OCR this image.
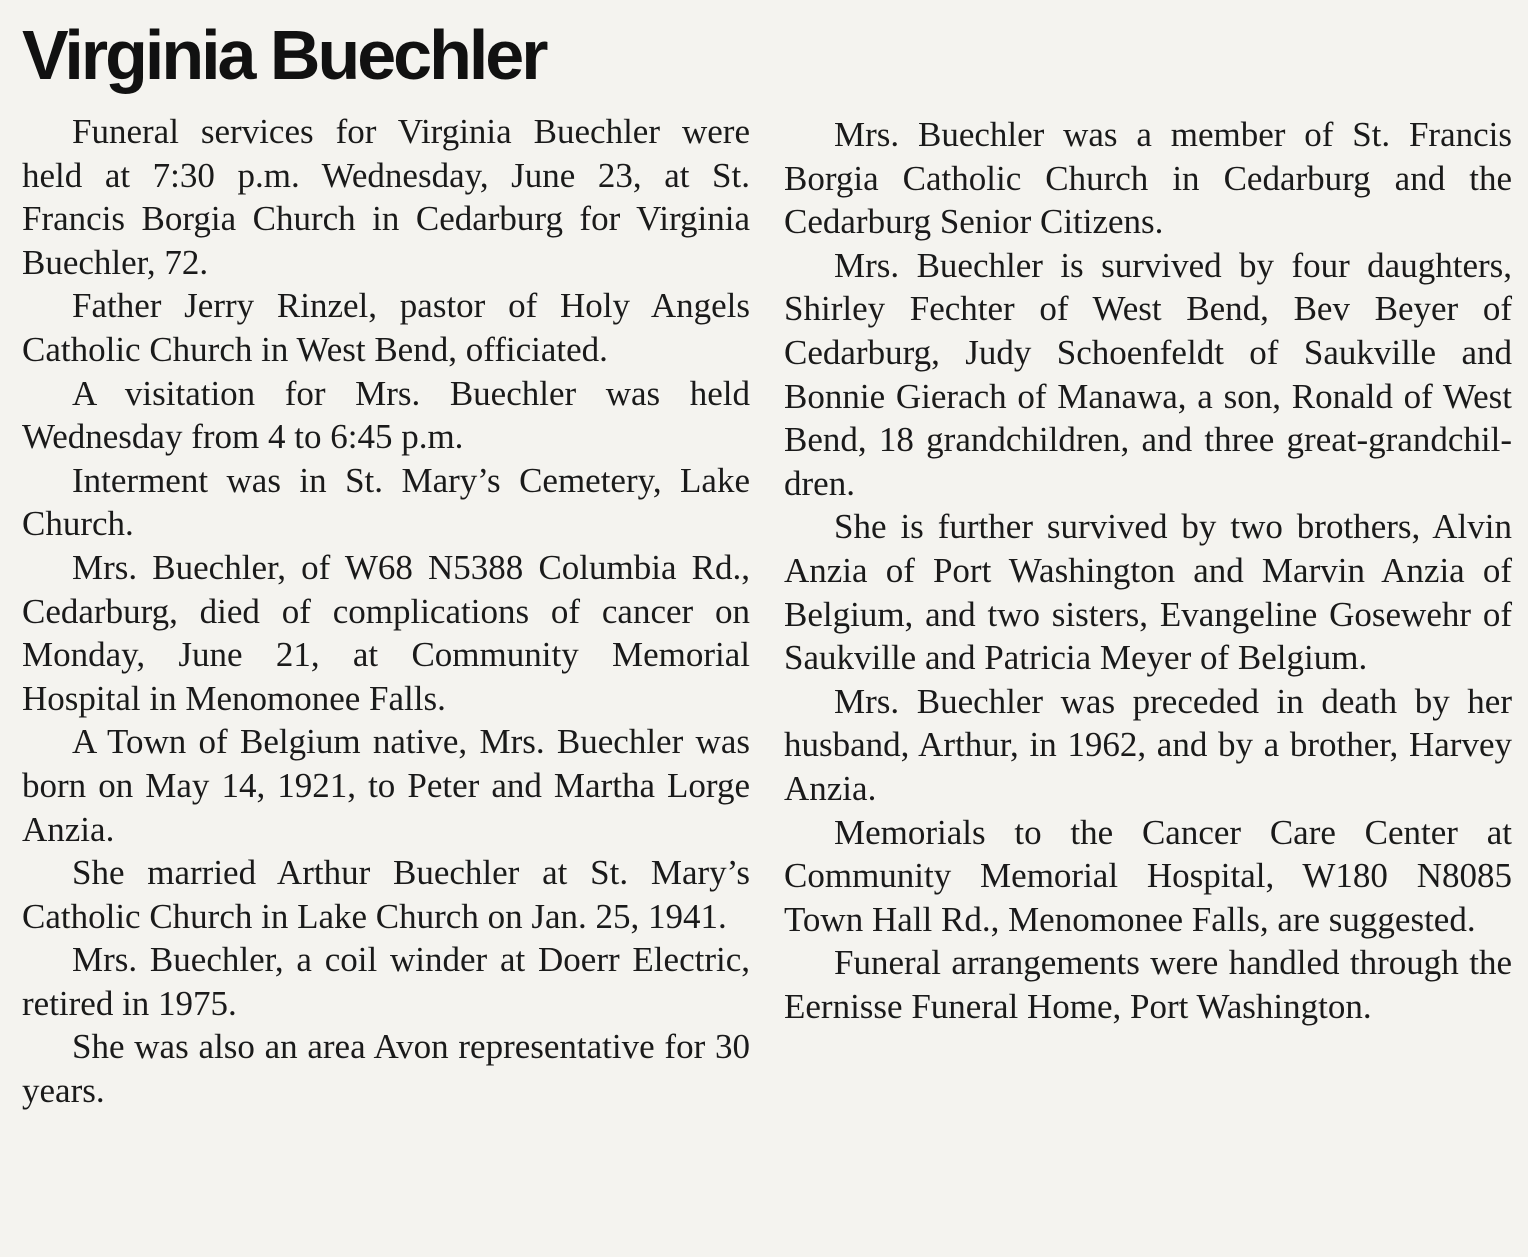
Virginia Buechler

Funeral services for Virginia Buechler were held at 7:30 p.m. Wednesday, June 23, at St. Francis Borgia Church in Cedarburg for Virginia Buechler, 72.

Father Jerry Rinzel, pastor of Holy Angels Catholic Church in West Bend, officiated.

A visitation for Mrs. Buechler was held Wednesday from 4 to 6:45 p.m.

Interment was in St. Mary’s Cemetery, Lake Church.

Mrs. Buechler, of W68 N5388 Columbia Rd., Cedarburg, died of complications of cancer on Monday, June 21, at Community Memorial Hospital in Menomonee Falls.

A Town of Belgium native, Mrs. Buechler was born on May 14, 1921, to Peter and Martha Lorge Anzia.

She married Arthur Buechler at St. Mary’s Catholic Church in Lake Church on Jan. 25, 1941.

Mrs. Buechler, a coil winder at Doerr Electric, retired in 1975.

She was also an area Avon representative for 30 years.

Mrs. Buechler was a member of St. Francis Borgia Catholic Church in Cedarburg and the Cedarburg Senior Citizens.

Mrs. Buechler is survived by four daughters, Shirley Fechter of West Bend, Bev Beyer of Cedarburg, Judy Schoenfeldt of Saukville and Bonnie Gierach of Manawa, a son, Ronald of West Bend, 18 grandchildren, and three great-grandchildren.

She is further survived by two brothers, Alvin Anzia of Port Washington and Marvin Anzia of Belgium, and two sisters, Evangeline Gosewehr of Saukville and Patricia Meyer of Belgium.

Mrs. Buechler was preceded in death by her husband, Arthur, in 1962, and by a brother, Harvey Anzia.

Memorials to the Cancer Care Center at Community Memorial Hospital, W180 N8085 Town Hall Rd., Menomonee Falls, are suggested.

Funeral arrangements were handled through the Eernisse Funeral Home, Port Washington.
